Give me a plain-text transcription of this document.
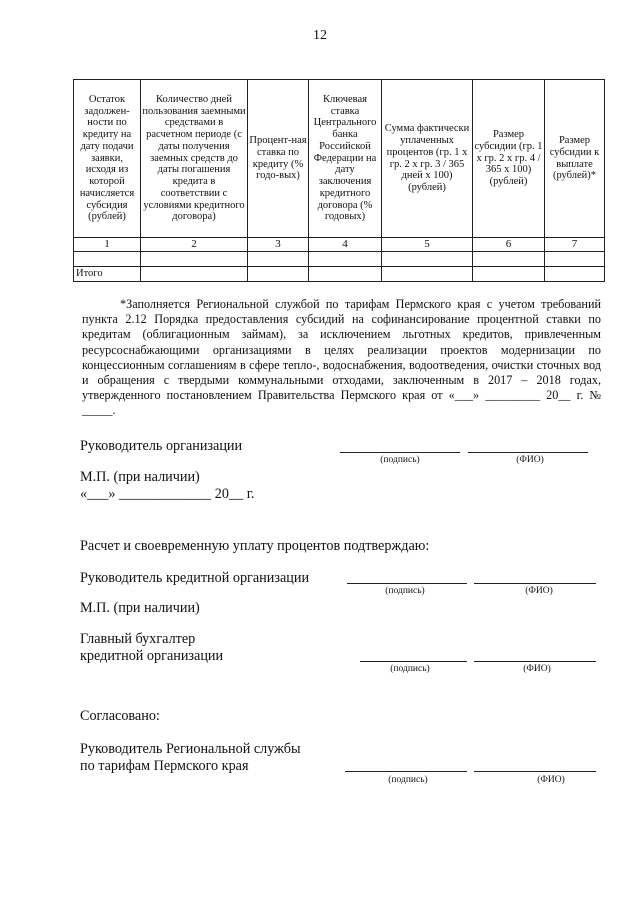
12
Остаток задолжен-ности по кредиту на дату подачи заявки, исходя из которой начисляется субсидия (рублей)	Количество дней пользования заемными средствами в расчетном периоде (с даты получения заемных средств до даты погашения кредита в соответствии с условиями кредитного договора)	Процент-ная ставка по кредиту (% годо-вых)	Ключевая ставка Центрального банка Российской Федерации на дату заключения кредитного договора (% годовых)	Сумма фактически уплаченных процентов (гр. 1 x гр. 2 x гр. 3 / 365 дней x 100) (рублей)	Размер субсидии (гр. 1 x гр. 2 x гр. 4 / 365 x 100) (рублей)	Размер субсидии к выплате (рублей)*
1	2	3	4	5	6	7

Итого						
*Заполняется Региональной службой по тарифам Пермского края с учетом требований пункта 2.12 Порядка предоставления субсидий на софинансирование процентной ставки по кредитам (облигационным займам), за исключением льготных кредитов, привлеченным ресурсоснабжающими организациями в целях реализации проектов модернизации по концессионным соглашениям в сфере тепло-, водоснабжения, водоотведения, очистки сточных вод и обращения с твердыми коммунальными отходами, заключенным в 2017 – 2018 годах, утвержденного постановлением Правительства Пермского края от «___» _________ 20__ г. № _____.
Руководитель организации
(подпись)	(ФИО)
М.П. (при наличии)
«___» _____________ 20__ г.
Расчет и своевременную уплату процентов подтверждаю:
Руководитель кредитной организации
(подпись)	(ФИО)
М.П. (при наличии)
Главный бухгалтер
кредитной организации
(подпись)	(ФИО)
Согласовано:
Руководитель Региональной службы
по тарифам Пермского края
(подпись)	(ФИО)
